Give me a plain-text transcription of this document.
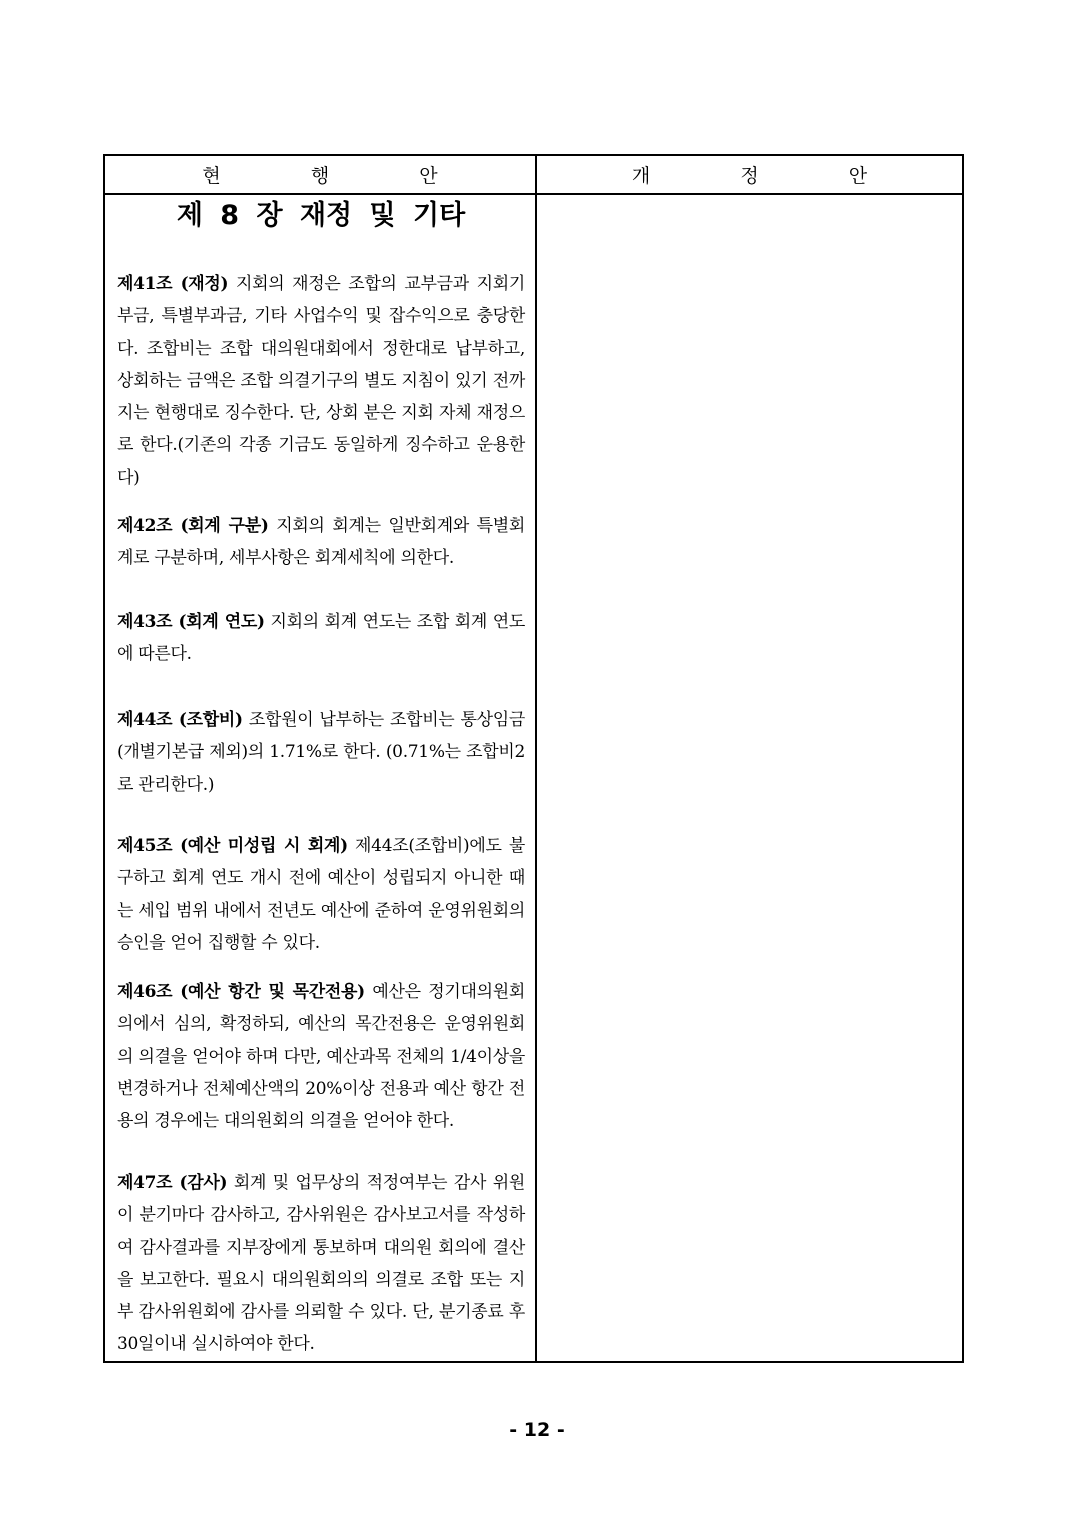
현 행 안	개 정 안
제 8 장 재정 및 기타
제41조 (재정) 지회의 재정은 조합의 교부금과 지회기부금, 특별부과금, 기타 사업수익 및 잡수익으로 충당한다. 조합비는 조합 대의원대회에서 정한대로 납부하고, 상회하는 금액은 조합 의결기구의 별도 지침이 있기 전까지는 현행대로 징수한다. 단, 상회 분은 지회 자체 재정으로 한다.(기존의 각종 기금도 동일하게 징수하고 운용한다)
제42조 (회계 구분) 지회의 회계는 일반회계와 특별회계로 구분하며, 세부사항은 회계세칙에 의한다.
제43조 (회계 연도) 지회의 회계 연도는 조합 회계 연도에 따른다.
제44조 (조합비) 조합원이 납부하는 조합비는 통상임금 (개별기본급 제외)의 1.71%로 한다. (0.71%는 조합비2로 관리한다.)
제45조 (예산 미성립 시 회계) 제44조(조합비)에도 불구하고 회계 연도 개시 전에 예산이 성립되지 아니한 때는 세입 범위 내에서 전년도 예산에 준하여 운영위원회의 승인을 얻어 집행할 수 있다.
제46조 (예산 항간 및 목간전용) 예산은 정기대의원회의에서 심의, 확정하되, 예산의 목간전용은 운영위원회 의 의결을 얻어야 하며 다만, 예산과목 전체의 1/4이상을 변경하거나 전체예산액의 20%이상 전용과 예산 항간 전용의 경우에는 대의원회의 의결을 얻어야 한다.
제47조 (감사) 회계 및 업무상의 적정여부는 감사 위원이 분기마다 감사하고, 감사위원은 감사보고서를 작성하여 감사결과를 지부장에게 통보하며 대의원 회의에 결산을 보고한다. 필요시 대의원회의의 의결로 조합 또는 지부 감사위원회에 감사를 의뢰할 수 있다. 단, 분기종료 후 30일이내 실시하여야 한다.
- 12 -
